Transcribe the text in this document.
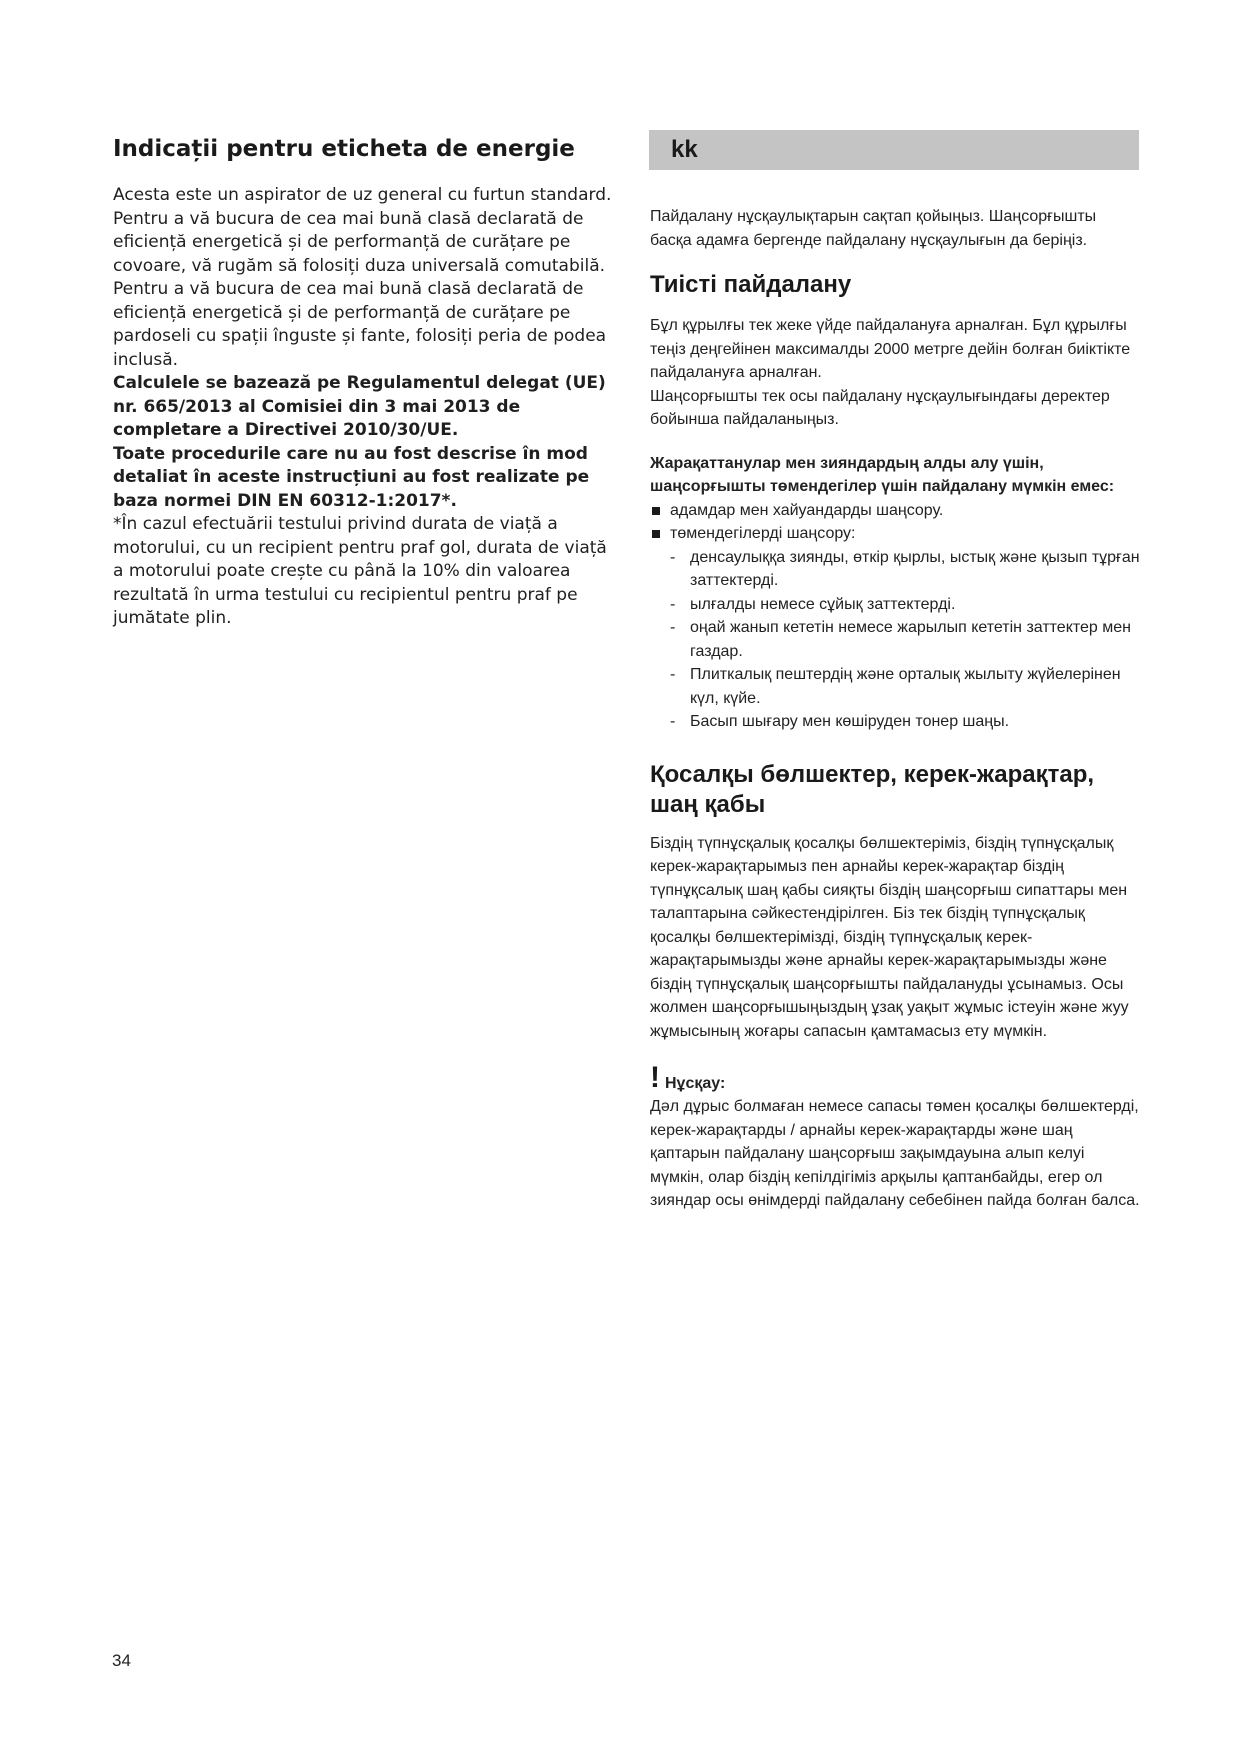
Indicații pentru eticheta de energie

Acesta este un aspirator de uz general cu furtun standard.

Pentru a vă bucura de cea mai bună clasă declarată de eficiență energetică și de performanță de curățare pe covoare, vă rugăm să folosiți duza universală comutabilă.

Pentru a vă bucura de cea mai bună clasă declarată de eficiență energetică și de performanță de curățare pe pardoseli cu spații înguste și fante, folosiți peria de podea inclusă.

Calculele se bazează pe Regulamentul delegat (UE) nr. 665/2013 al Comisiei din 3 mai 2013 de completare a Directivei 2010/30/UE.

Toate procedurile care nu au fost descrise în mod detaliat în aceste instrucțiuni au fost realizate pe baza normei DIN EN 60312-1:2017*.

*În cazul efectuării testului privind durata de viață a motorului, cu un recipient pentru praf gol, durata de viață a motorului poate crește cu până la 10% din valoarea rezultată în urma testului cu recipientul pentru praf pe jumătate plin.

kk

Пайдалану нұсқаулықтарын сақтап қойыңыз. Шаңсорғышты басқа адамға бергенде пайдалану нұсқаулығын да беріңіз.

Тиісті пайдалану

Бұл құрылғы тек жеке үйде пайдалануға арналған. Бұл құрылғы теңіз деңгейінен максималды 2000 метрге дейін болған биіктікте пайдалануға арналған.

Шаңсорғышты тек осы пайдалану нұсқаулығындағы деректер бойынша пайдаланыңыз.

Жарақаттанулар мен зияндардың алды алу үшін, шаңсорғышты төмендегілер үшін пайдалану мүмкін емес:

адамдар мен хайуандарды шаңсору.
төмендегілерді шаңсору:
- денсаулыққа зиянды, өткір қырлы, ыстық және қызып тұрған заттектерді.
- ылғалды немесе сұйық заттектерді.
- оңай жанып кететін немесе жарылып кететін заттектер мен газдар.
- Плиткалық пештердің және орталық жылыту жүйелерінен күл, күйе.
- Басып шығару мен көшіруден тонер шаңы.
Қосалқы бөлшектер, керек-жарақтар, шаң қабы

Біздің түпнұсқалық қосалқы бөлшектеріміз, біздің түпнұсқалық керек-жарақтарымыз пен арнайы керек-жарақтар біздің түпнұқсалық шаң қабы сияқты біздің шаңсорғыш сипаттары мен талаптарына сәйкестендірілген. Біз тек біздің түпнұсқалық қосалқы бөлшектерімізді, біздің түпнұсқалық керек-жарақтарымызды және арнайы керек-жарақтарымызды және біздің түпнұсқалық шаңсорғышты пайдалануды ұсынамыз. Осы жолмен шаңсорғышыңыздың ұзақ уақыт жұмыс істеуін және жуу жұмысының жоғары сапасын қамтамасыз ету мүмкін.

! Нұсқау:

Дәл дұрыс болмаған немесе сапасы төмен қосалқы бөлшектерді, керек-жарақтарды / арнайы керек-жарақтарды және шаң қаптарын пайдалану шаңсорғыш зақымдауына алып келуі мүмкін, олар біздің кепілдігіміз арқылы қаптанбайды, егер ол зияндар осы өнімдерді пайдалану себебінен пайда болған балса.

34
